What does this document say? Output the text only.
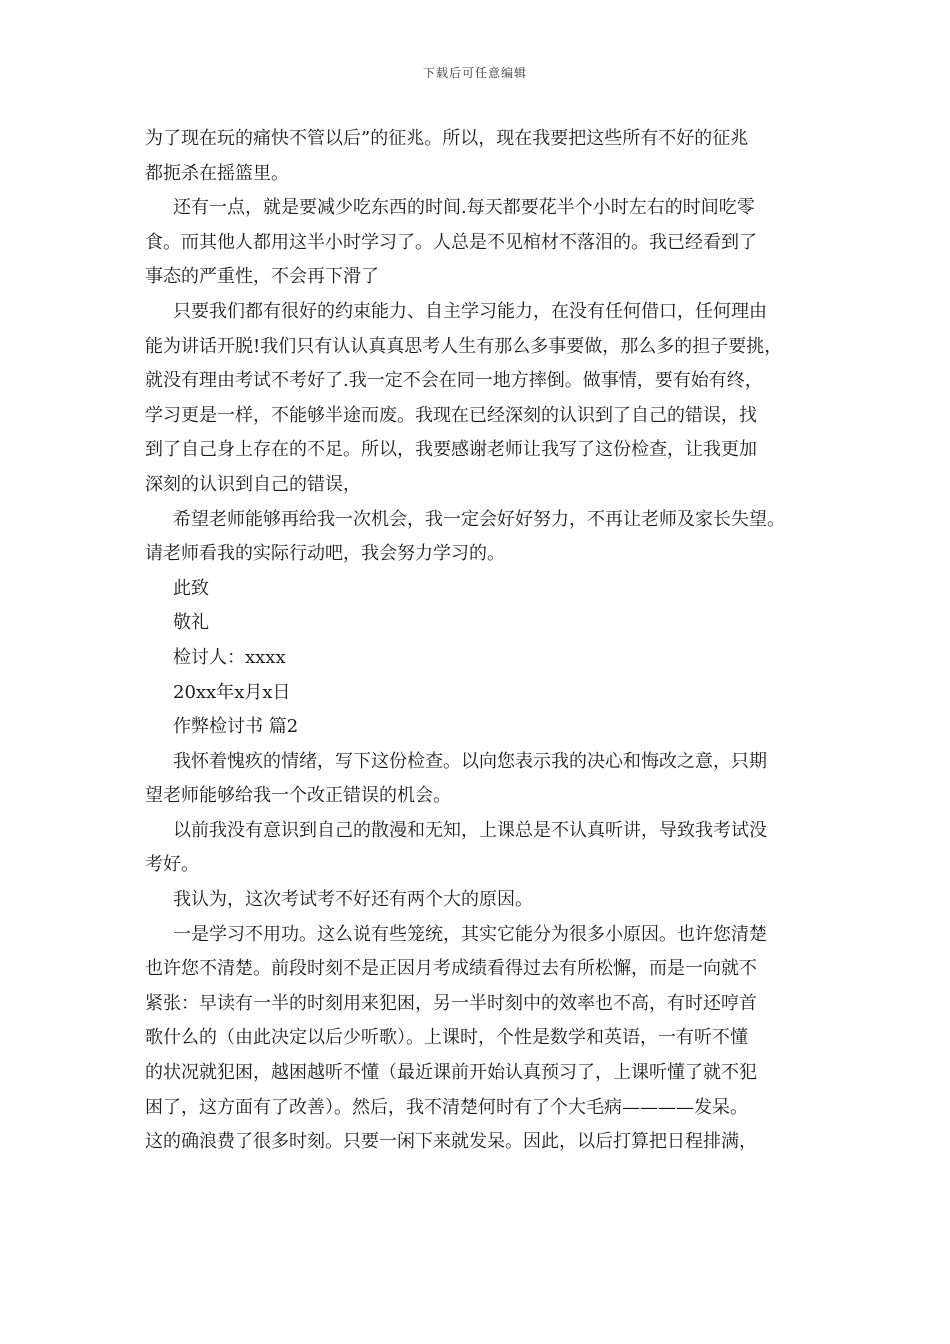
下载后可任意编辑
为了现在玩的痛快不管以后”的征兆。所以，现在我要把这些所有不好的征兆
都扼杀在摇篮里。
还有一点，就是要减少吃东西的时间.每天都要花半个小时左右的时间吃零
食。而其他人都用这半小时学习了。人总是不见棺材不落泪的。我已经看到了
事态的严重性，不会再下滑了
只要我们都有很好的约束能力、自主学习能力，在没有任何借口，任何理由
能为讲话开脱!我们只有认认真真思考人生有那么多事要做，那么多的担子要挑，
就没有理由考试不考好了.我一定不会在同一地方摔倒。做事情，要有始有终，
学习更是一样，不能够半途而废。我现在已经深刻的认识到了自己的错误，找
到了自己身上存在的不足。所以，我要感谢老师让我写了这份检查，让我更加
深刻的认识到自己的错误，
希望老师能够再给我一次机会，我一定会好好努力，不再让老师及家长失望。
请老师看我的实际行动吧，我会努力学习的。
此致
敬礼
检讨人：xxxx
20xx年x月x日
作弊检讨书 篇2
我怀着愧疚的情绪，写下这份检查。以向您表示我的决心和悔改之意，只期
望老师能够给我一个改正错误的机会。
以前我没有意识到自己的散漫和无知，上课总是不认真听讲，导致我考试没
考好。
我认为，这次考试考不好还有两个大的原因。
一是学习不用功。这么说有些笼统，其实它能分为很多小原因。也许您清楚
也许您不清楚。前段时刻不是正因月考成绩看得过去有所松懈，而是一向就不
紧张：早读有一半的时刻用来犯困，另一半时刻中的效率也不高，有时还哼首
歌什么的（由此决定以后少听歌）。上课时，个性是数学和英语，一有听不懂
的状况就犯困，越困越听不懂（最近课前开始认真预习了，上课听懂了就不犯
困了，这方面有了改善）。然后，我不清楚何时有了个大毛病————发呆。
这的确浪费了很多时刻。只要一闲下来就发呆。因此，以后打算把日程排满，
